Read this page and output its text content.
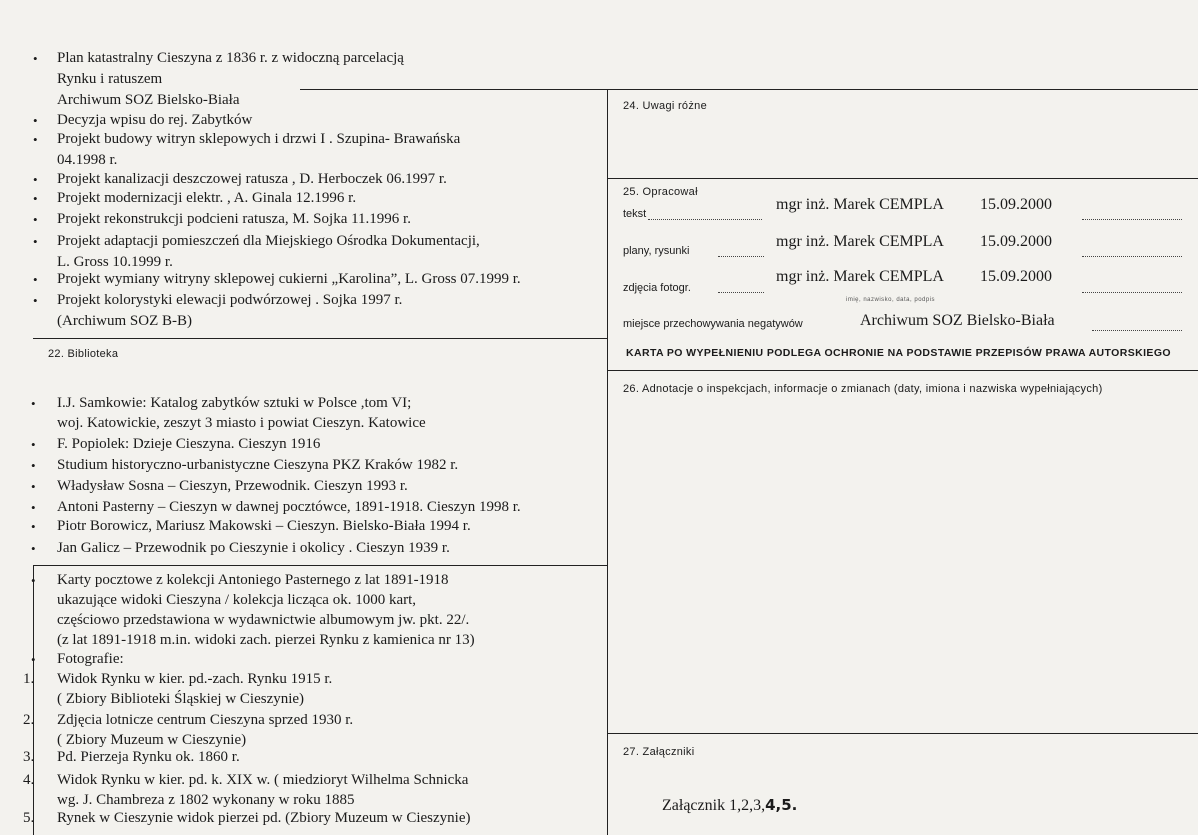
• Plan katastralny Cieszyna z 1836 r. z widoczną parcelacją
Rynku i ratuszem
Archiwum SOZ Bielsko-Biała
• Decyzja wpisu do rej. Zabytków
• Projekt budowy witryn sklepowych i drzwi I . Szupina- Brawańska
04.1998 r.
• Projekt kanalizacji deszczowej ratusza , D. Herboczek 06.1997 r.
• Projekt modernizacji elektr. , A. Ginala 12.1996 r.
• Projekt rekonstrukcji podcieni ratusza, M. Sojka 11.1996 r.
• Projekt adaptacji pomieszczeń dla Miejskiego Ośrodka Dokumentacji,
L. Gross 10.1999 r.
• Projekt wymiany witryny sklepowej cukierni „Karolina”, L. Gross 07.1999 r.
• Projekt kolorystyki elewacji podwórzowej . Sojka 1997 r.
(Archiwum SOZ B-B)
22. Biblioteka
• I.J. Samkowie: Katalog zabytków sztuki w Polsce ,tom VI;
woj. Katowickie, zeszyt 3 miasto i powiat Cieszyn. Katowice
• F. Popiolek: Dzieje Cieszyna. Cieszyn 1916
• Studium historyczno-urbanistyczne Cieszyna PKZ Kraków 1982 r.
• Władysław Sosna – Cieszyn, Przewodnik. Cieszyn 1993 r.
• Antoni Pasterny – Cieszyn w dawnej pocztówce, 1891-1918. Cieszyn 1998 r.
• Piotr Borowicz, Mariusz Makowski – Cieszyn. Bielsko-Biała 1994 r.
• Jan Galicz – Przewodnik po Cieszynie i okolicy . Cieszyn 1939 r.
• Karty pocztowe z kolekcji Antoniego Pasternego z lat 1891-1918
ukazujące widoki Cieszyna / kolekcja licząca ok. 1000 kart,
częściowo przedstawiona w wydawnictwie albumowym jw. pkt. 22/.
(z lat 1891-1918 m.in. widoki zach. pierzei Rynku z kamienica nr 13)
• Fotografie:
1. Widok Rynku w kier. pd.-zach. Rynku 1915 r.
( Zbiory Biblioteki Śląskiej w Cieszynie)
2. Zdjęcia lotnicze centrum Cieszyna sprzed 1930 r.
( Zbiory Muzeum w Cieszynie)
3. Pd. Pierzeja Rynku ok. 1860 r.
4. Widok Rynku w kier. pd. k. XIX w. ( miedzioryt Wilhelma Schnicka
wg. J. Chambreza z 1802 wykonany w roku 1885
5. Rynek w Cieszynie widok pierzei pd. (Zbiory Muzeum w Cieszynie)
24. Uwagi różne
25. Opracował
tekst
mgr inż. Marek CEMPLA 15.09.2000
plany, rysunki
mgr inż. Marek CEMPLA 15.09.2000
zdjęcia fotogr.
mgr inż. Marek CEMPLA 15.09.2000
imię, nazwisko, data, podpis
miejsce przechowywania negatywów	Archiwum SOZ Bielsko-Biała
KARTA PO WYPEŁNIENIU PODLEGA OCHRONIE NA PODSTAWIE PRZEPISÓW PRAWA AUTORSKIEGO
26. Adnotacje o inspekcjach, informacje o zmianach (daty, imiona i nazwiska wypełniających)
27. Załączniki
Załącznik 1,2,3,4,5.
